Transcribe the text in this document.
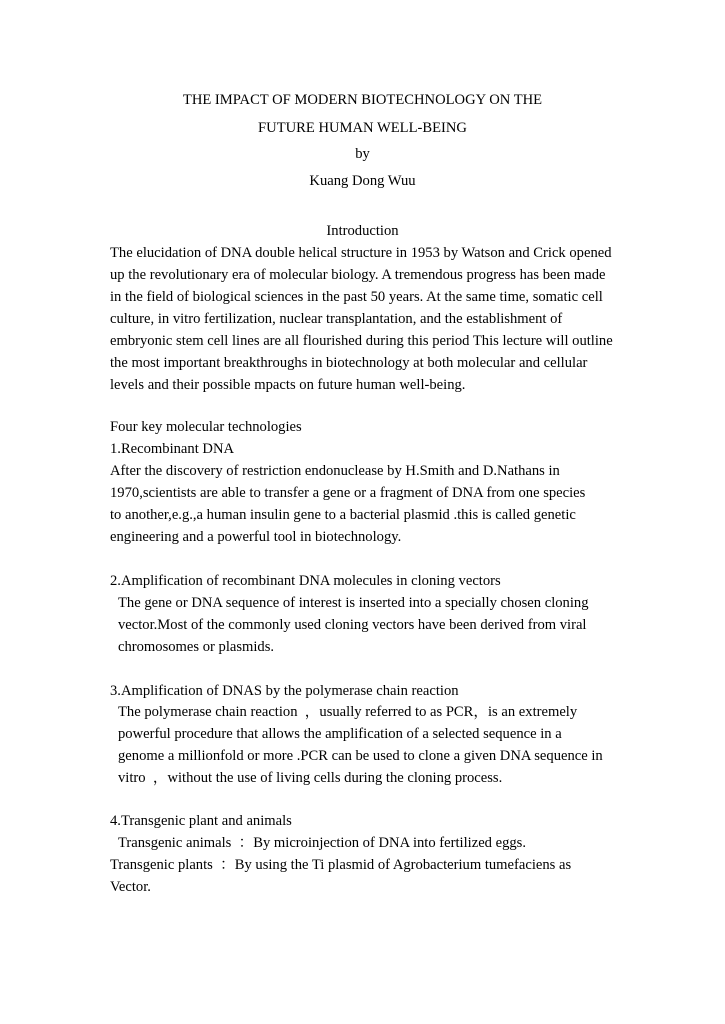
THE IMPACT OF MODERN BIOTECHNOLOGY ON THE
FUTURE HUMAN WELL-BEING
by
Kuang Dong Wuu
Introduction
The elucidation of DNA double helical structure in 1953 by Watson and Crick opened
up the revolutionary era of molecular biology. A tremendous progress has been made
in the field of biological sciences in the past 50 years. At the same time, somatic cell
culture, in vitro fertilization, nuclear transplantation, and the establishment of
embryonic stem cell lines are all flourished during this period This lecture will outline
the most important breakthroughs in biotechnology at both molecular and cellular
levels and their possible mpacts on future human well-being.
Four key molecular technologies
1.Recombinant DNA
After the discovery of restriction endonuclease by H.Smith and D.Nathans in
1970,scientists are able to transfer a gene or a fragment of DNA from one species
to another,e.g.,a human insulin gene to a bacterial plasmid .this is called genetic
engineering and a powerful tool in biotechnology.
2.Amplification of recombinant DNA molecules in cloning vectors
The gene or DNA sequence of interest is inserted into a specially chosen cloning
vector.Most of the commonly used cloning vectors have been derived from viral
chromosomes or plasmids.
3.Amplification of DNAS by the polymerase chain reaction
The polymerase chain reaction  ，usually referred to as PCR，is an extremely
powerful procedure that allows the amplification of a selected sequence in a
genome a millionfold or more .PCR can be used to clone a given DNA sequence in
vitro  ，without the use of living cells during the cloning process.
4.Transgenic plant and animals
Transgenic animals  ：By microinjection of DNA into fertilized eggs.
Transgenic plants  ：By using the Ti plasmid of Agrobacterium tumefaciens as
Vector.
